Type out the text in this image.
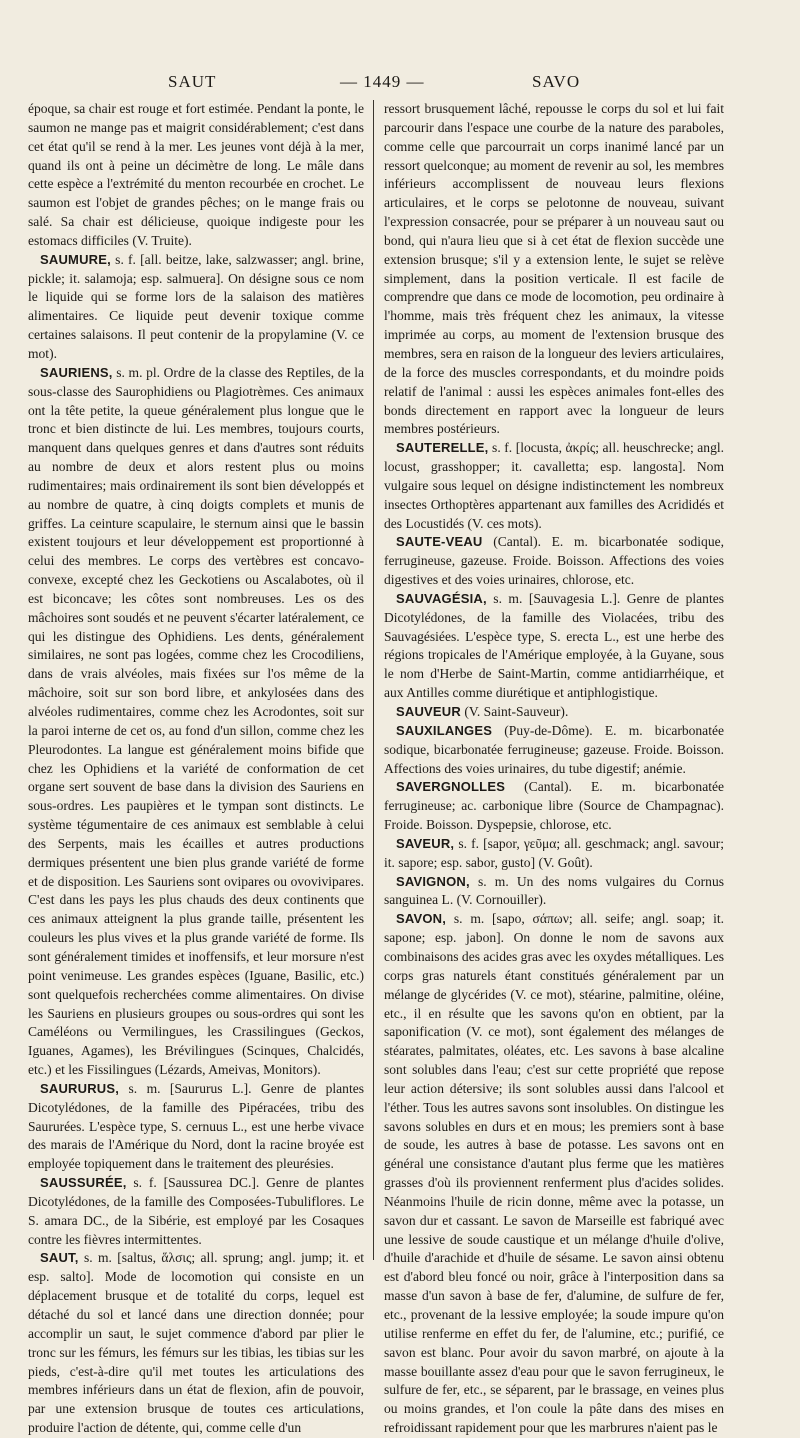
SAUT	— 1449 —	SAVO

époque, sa chair est rouge et fort estimée. Pendant la ponte, le saumon ne mange pas et maigrit considérablement; c'est dans cet état qu'il se rend à la mer. Les jeunes vont déjà à la mer, quand ils ont à peine un décimètre de long. Le mâle dans cette espèce a l'extrémité du menton recourbée en crochet. Le saumon est l'objet de grandes pêches; on le mange frais ou salé. Sa chair est délicieuse, quoique indigeste pour les estomacs difficiles (V. Truite).

SAUMURE, s. f. [all. beitze, lake, salzwasser; angl. brine, pickle; it. salamoja; esp. salmuera]. On désigne sous ce nom le liquide qui se forme lors de la salaison des matières alimentaires. Ce liquide peut devenir toxique comme certaines salaisons. Il peut contenir de la propylamine (V. ce mot).

SAURIENS, s. m. pl. Ordre de la classe des Reptiles, de la sous-classe des Saurophidiens ou Plagiotrèmes. Ces animaux ont la tête petite, la queue généralement plus longue que le tronc et bien distincte de lui. Les membres, toujours courts, manquent dans quelques genres et dans d'autres sont réduits au nombre de deux et alors restent plus ou moins rudimentaires; mais ordinairement ils sont bien développés et au nombre de quatre, à cinq doigts complets et munis de griffes. La ceinture scapulaire, le sternum ainsi que le bassin existent toujours et leur développement est proportionné à celui des membres. Le corps des vertèbres est concavo-convexe, excepté chez les Geckotiens ou Ascalabotes, où il est biconcave; les côtes sont nombreuses. Les os des mâchoires sont soudés et ne peuvent s'écarter latéralement, ce qui les distingue des Ophidiens. Les dents, généralement similaires, ne sont pas logées, comme chez les Crocodiliens, dans de vrais alvéoles, mais fixées sur l'os même de la mâchoire, soit sur son bord libre, et ankylosées dans des alvéoles rudimentaires, comme chez les Acrodontes, soit sur la paroi interne de cet os, au fond d'un sillon, comme chez les Pleurodontes. La langue est généralement moins bifide que chez les Ophidiens et la variété de conformation de cet organe sert souvent de base dans la division des Sauriens en sous-ordres. Les paupières et le tympan sont distincts. Le système tégumentaire de ces animaux est semblable à celui des Serpents, mais les écailles et autres productions dermiques présentent une bien plus grande variété de forme et de disposition. Les Sauriens sont ovipares ou ovovivipares. C'est dans les pays les plus chauds des deux continents que ces animaux atteignent la plus grande taille, présentent les couleurs les plus vives et la plus grande variété de forme. Ils sont généralement timides et inoffensifs, et leur morsure n'est point venimeuse. Les grandes espèces (Iguane, Basilic, etc.) sont quelquefois recherchées comme alimentaires. On divise les Sauriens en plusieurs groupes ou sous-ordres qui sont les Caméléons ou Vermilingues, les Crassilingues (Geckos, Iguanes, Agames), les Brévilingues (Scinques, Chalcidés, etc.) et les Fissilingues (Lézards, Ameivas, Monitors).

SAURURUS, s. m. [Saururus L.]. Genre de plantes Dicotylédones, de la famille des Pipéracées, tribu des Saururées. L'espèce type, S. cernuus L., est une herbe vivace des marais de l'Amérique du Nord, dont la racine broyée est employée topiquement dans le traitement des pleurésies.

SAUSSURÉE, s. f. [Saussurea DC.]. Genre de plantes Dicotylédones, de la famille des Composées-Tubuliflores. Le S. amara DC., de la Sibérie, est employé par les Cosaques contre les fièvres intermittentes.

SAUT, s. m. [saltus, ἅλσις; all. sprung; angl. jump; it. et esp. salto]. Mode de locomotion qui consiste en un déplacement brusque et de totalité du corps, lequel est détaché du sol et lancé dans une direction donnée; pour accomplir un saut, le sujet commence d'abord par plier le tronc sur les fémurs, les fémurs sur les tibias, les tibias sur les pieds, c'est-à-dire qu'il met toutes les articulations des membres inférieurs dans un état de flexion, afin de pouvoir, par une extension brusque de toutes ces articulations, produire l'action de détente, qui, comme celle d'un

ressort brusquement lâché, repousse le corps du sol et lui fait parcourir dans l'espace une courbe de la nature des paraboles, comme celle que parcourrait un corps inanimé lancé par un ressort quelconque; au moment de revenir au sol, les membres inférieurs accomplissent de nouveau leurs flexions articulaires, et le corps se pelotonne de nouveau, suivant l'expression consacrée, pour se préparer à un nouveau saut ou bond, qui n'aura lieu que si à cet état de flexion succède une extension brusque; s'il y a extension lente, le sujet se relève simplement, dans la position verticale. Il est facile de comprendre que dans ce mode de locomotion, peu ordinaire à l'homme, mais très fréquent chez les animaux, la vitesse imprimée au corps, au moment de l'extension brusque des membres, sera en raison de la longueur des leviers articulaires, de la force des muscles correspondants, et du moindre poids relatif de l'animal : aussi les espèces animales font-elles des bonds directement en rapport avec la longueur de leurs membres postérieurs.

SAUTERELLE, s. f. [locusta, ἀκρίς; all. heuschrecke; angl. locust, grasshopper; it. cavalletta; esp. langosta]. Nom vulgaire sous lequel on désigne indistinctement les nombreux insectes Orthoptères appartenant aux familles des Acrididés et des Locustidés (V. ces mots).

SAUTE-VEAU (Cantal). E. m. bicarbonatée sodique, ferrugineuse, gazeuse. Froide. Boisson. Affections des voies digestives et des voies urinaires, chlorose, etc.

SAUVAGÉSIA, s. m. [Sauvagesia L.]. Genre de plantes Dicotylédones, de la famille des Violacées, tribu des Sauvagésiées. L'espèce type, S. erecta L., est une herbe des régions tropicales de l'Amérique employée, à la Guyane, sous le nom d'Herbe de Saint-Martin, comme antidiarrhéique, et aux Antilles comme diurétique et antiphlogistique.

SAUVEUR (V. Saint-Sauveur).

SAUXILANGES (Puy-de-Dôme). E. m. bicarbonatée sodique, bicarbonatée ferrugineuse; gazeuse. Froide. Boisson. Affections des voies urinaires, du tube digestif; anémie.

SAVERGNOLLES (Cantal). E. m. bicarbonatée ferrugineuse; ac. carbonique libre (Source de Champagnac). Froide. Boisson. Dyspepsie, chlorose, etc.

SAVEUR, s. f. [sapor, γεῦμα; all. geschmack; angl. savour; it. sapore; esp. sabor, gusto] (V. Goût).

SAVIGNON, s. m. Un des noms vulgaires du Cornus sanguinea L. (V. Cornouiller).

SAVON, s. m. [sapo, σάπων; all. seife; angl. soap; it. sapone; esp. jabon]. On donne le nom de savons aux combinaisons des acides gras avec les oxydes métalliques. Les corps gras naturels étant constitués généralement par un mélange de glycérides (V. ce mot), stéarine, palmitine, oléine, etc., il en résulte que les savons qu'on en obtient, par la saponification (V. ce mot), sont également des mélanges de stéarates, palmitates, oléates, etc. Les savons à base alcaline sont solubles dans l'eau; c'est sur cette propriété que repose leur action détersive; ils sont solubles aussi dans l'alcool et l'éther. Tous les autres savons sont insolubles. On distingue les savons solubles en durs et en mous; les premiers sont à base de soude, les autres à base de potasse. Les savons ont en général une consistance d'autant plus ferme que les matières grasses d'où ils proviennent renferment plus d'acides solides. Néanmoins l'huile de ricin donne, même avec la potasse, un savon dur et cassant. Le savon de Marseille est fabriqué avec une lessive de soude caustique et un mélange d'huile d'olive, d'huile d'arachide et d'huile de sésame. Le savon ainsi obtenu est d'abord bleu foncé ou noir, grâce à l'interposition dans sa masse d'un savon à base de fer, d'alumine, de sulfure de fer, etc., provenant de la lessive employée; la soude impure qu'on utilise renferme en effet du fer, de l'alumine, etc.; purifié, ce savon est blanc. Pour avoir du savon marbré, on ajoute à la masse bouillante assez d'eau pour que le savon ferrugineux, le sulfure de fer, etc., se séparent, par le brassage, en veines plus ou moins grandes, et l'on coule la pâte dans des mises en refroidissant rapidement pour que les marbrures n'aient pas le
